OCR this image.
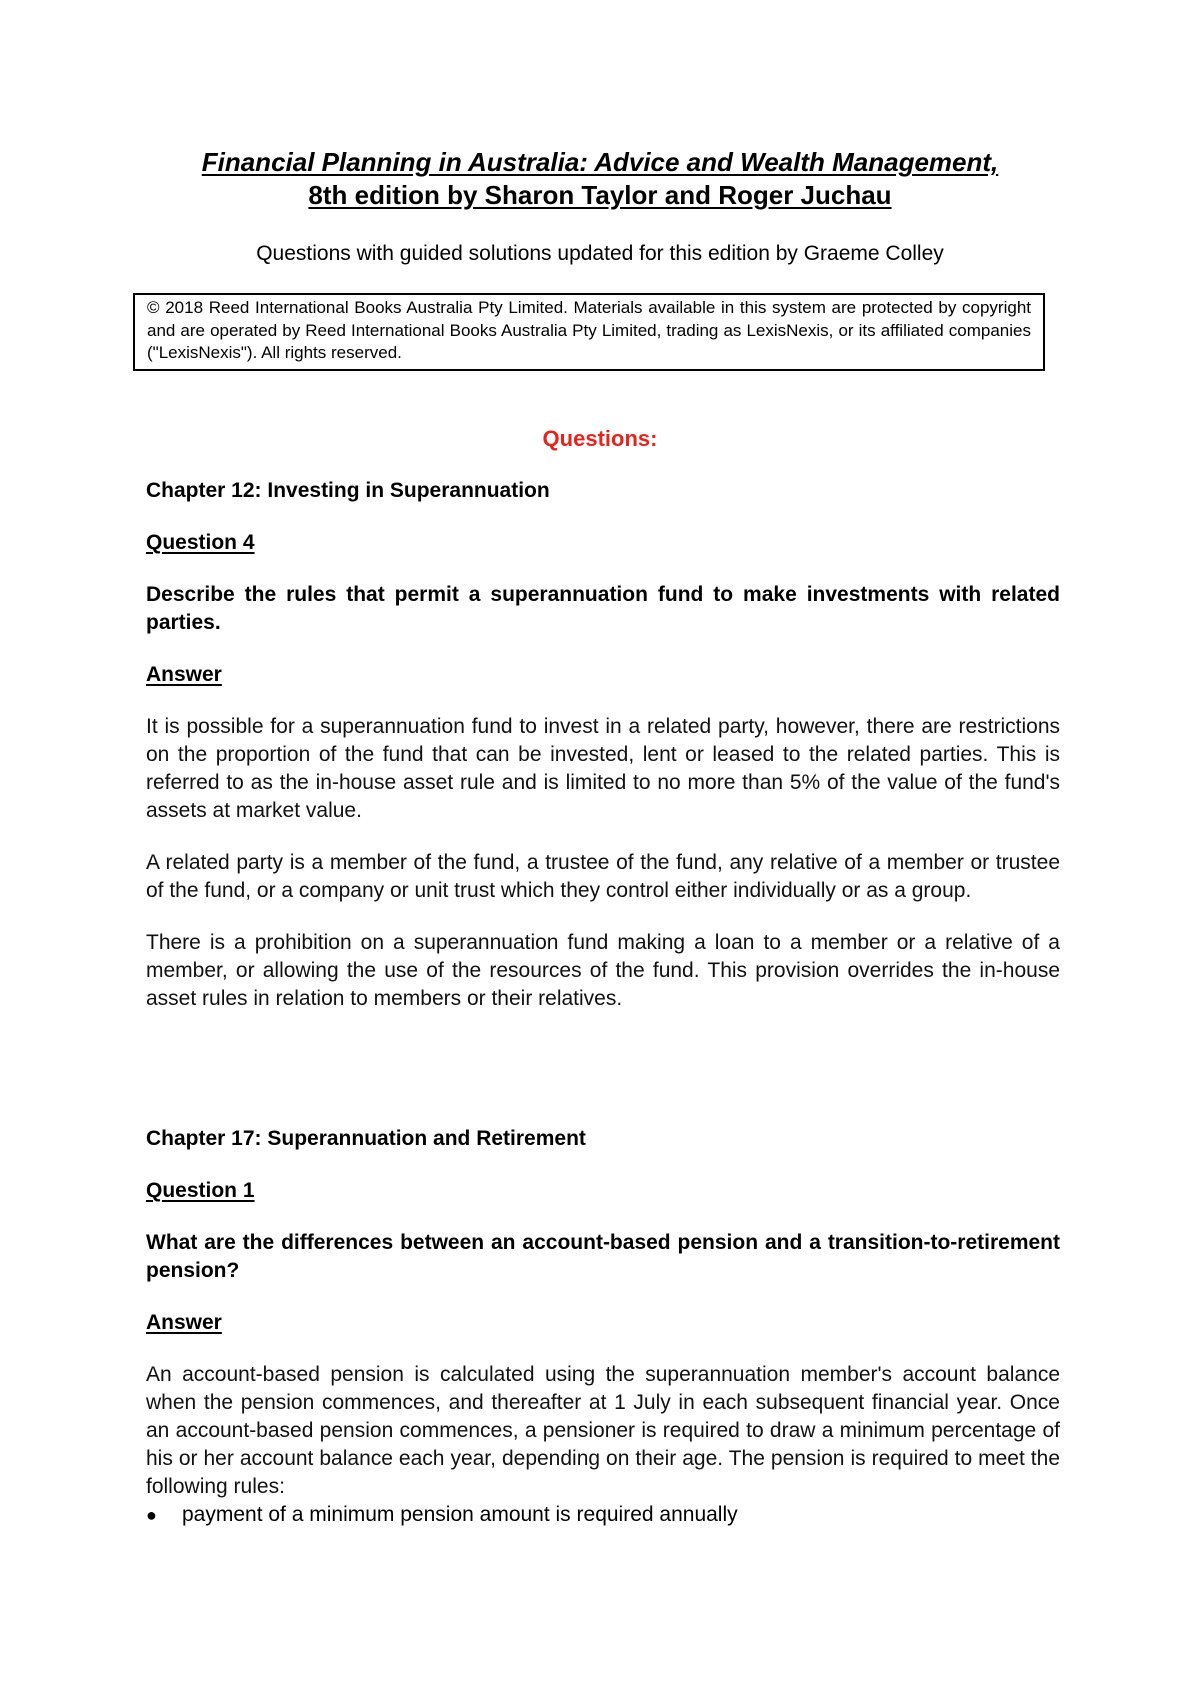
Financial Planning in Australia: Advice and Wealth Management,
8th edition by Sharon Taylor and Roger Juchau
Questions with guided solutions updated for this edition by Graeme Colley
© 2018 Reed International Books Australia Pty Limited. Materials available in this system are protected by copyright and are operated by Reed International Books Australia Pty Limited, trading as LexisNexis, or its affiliated companies ("LexisNexis"). All rights reserved.
Questions:
Chapter 12: Investing in Superannuation
Question 4
Describe the rules that permit a superannuation fund to make investments with related parties.
Answer
It is possible for a superannuation fund to invest in a related party, however, there are restrictions on the proportion of the fund that can be invested, lent or leased to the related parties. This is referred to as the in-house asset rule and is limited to no more than 5% of the value of the fund's assets at market value.
A related party is a member of the fund, a trustee of the fund, any relative of a member or trustee of the fund, or a company or unit trust which they control either individually or as a group.
There is a prohibition on a superannuation fund making a loan to a member or a relative of a member, or allowing the use of the resources of the fund. This provision overrides the in-house asset rules in relation to members or their relatives.
Chapter 17: Superannuation and Retirement
Question 1
What are the differences between an account-based pension and a transition-to-retirement pension?
Answer
An account-based pension is calculated using the superannuation member's account balance when the pension commences, and thereafter at 1 July in each subsequent financial year. Once an account-based pension commences, a pensioner is required to draw a minimum percentage of his or her account balance each year, depending on their age. The pension is required to meet the following rules:
●	payment of a minimum pension amount is required annually
